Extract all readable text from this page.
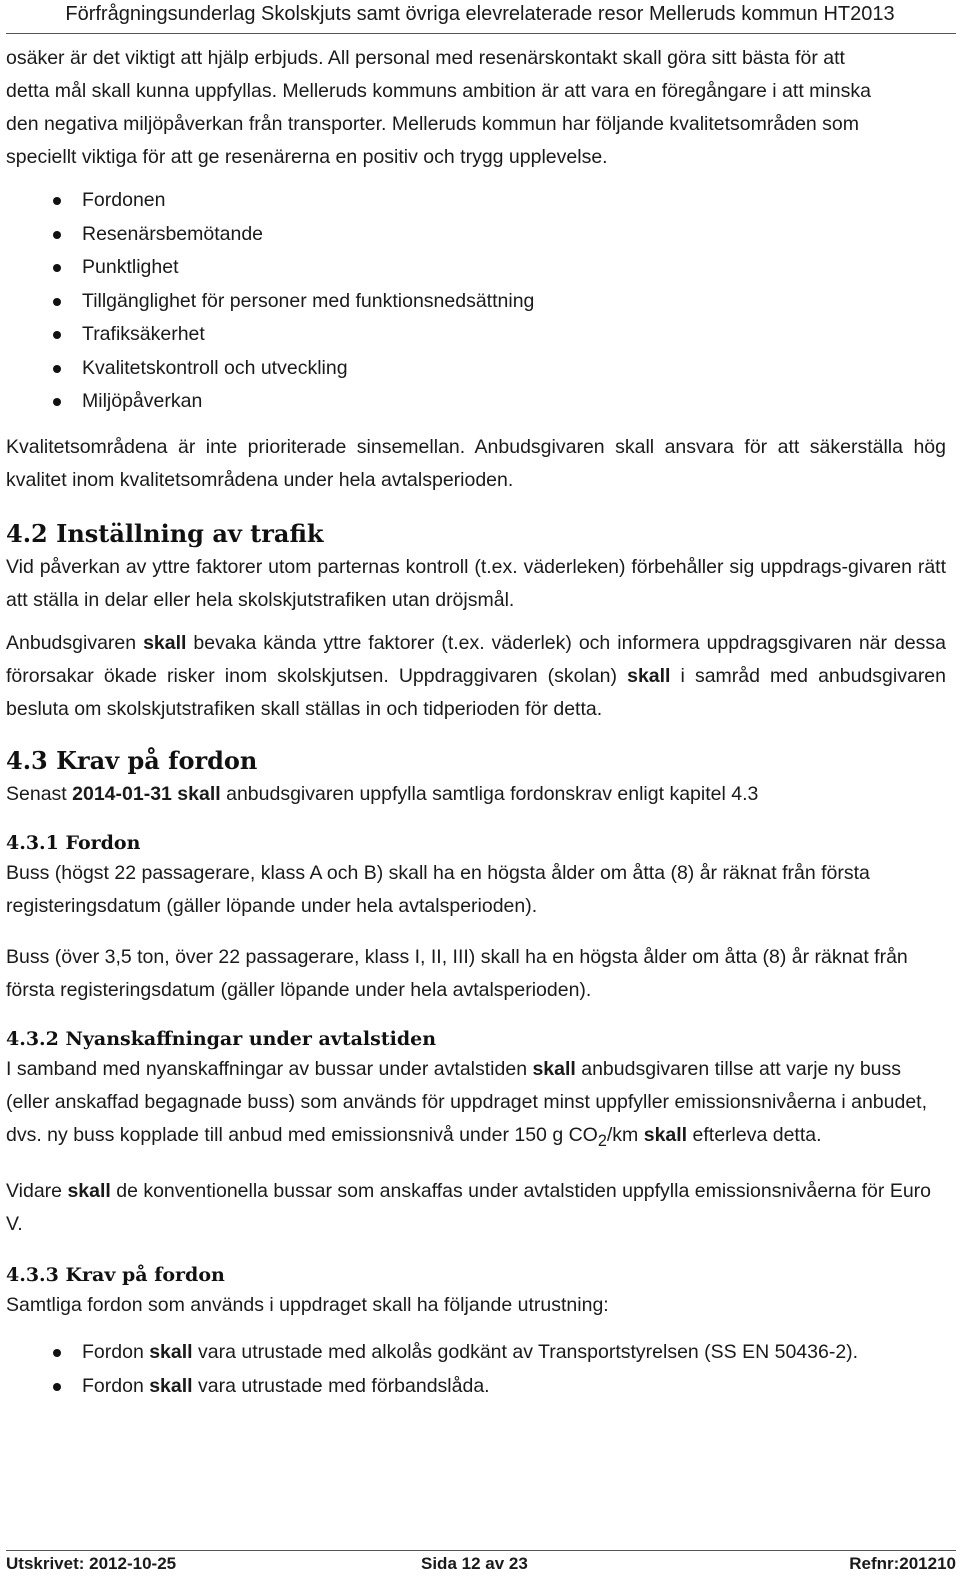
Förfrågningsunderlag Skolskjuts samt övriga elevrelaterade resor Melleruds kommun HT2013

osäker är det viktigt att hjälp erbjuds. All personal med resenärskontakt skall göra sitt bästa för att

detta mål skall kunna uppfyllas. Melleruds kommuns ambition är att vara en föregångare i att minska

den negativa miljöpåverkan från transporter. Melleruds kommun har följande kvalitetsområden som

speciellt viktiga för att ge resenärerna en positiv och trygg upplevelse.

Fordonen
Resenärsbemötande
Punktlighet
Tillgänglighet för personer med funktionsnedsättning
Trafiksäkerhet
Kvalitetskontroll och utveckling
Miljöpåverkan

Kvalitetsområdena är inte prioriterade sinsemellan. Anbudsgivaren skall ansvara för att säkerställa hög kvalitet inom kvalitetsområdena under hela avtalsperioden.

4.2 Inställning av trafik

Vid påverkan av yttre faktorer utom parternas kontroll (t.ex. väderleken) förbehåller sig uppdrags-givaren rätt att ställa in delar eller hela skolskjutstrafiken utan dröjsmål.

Anbudsgivaren skall bevaka kända yttre faktorer (t.ex. väderlek) och informera uppdragsgivaren när dessa förorsakar ökade risker inom skolskjutsen. Uppdraggivaren (skolan) skall i samråd med anbudsgivaren besluta om skolskjutstrafiken skall ställas in och tidperioden för detta.

4.3 Krav på fordon

Senast 2014-01-31 skall anbudsgivaren uppfylla samtliga fordonskrav enligt kapitel 4.3

4.3.1 Fordon

Buss (högst 22 passagerare, klass A och B) skall ha en högsta ålder om åtta (8) år räknat från första registeringsdatum (gäller löpande under hela avtalsperioden).

Buss (över 3,5 ton, över 22 passagerare, klass I, II, III) skall ha en högsta ålder om åtta (8) år räknat från första registeringsdatum (gäller löpande under hela avtalsperioden).

4.3.2 Nyanskaffningar under avtalstiden

I samband med nyanskaffningar av bussar under avtalstiden skall anbudsgivaren tillse att varje ny buss (eller anskaffad begagnade buss) som används för uppdraget minst uppfyller emissionsnivåerna i anbudet, dvs. ny buss kopplade till anbud med emissionsnivå under 150 g $CO_2/km$ skall efterleva detta.

Vidare skall de konventionella bussar som anskaffas under avtalstiden uppfylla emissionsnivåerna för Euro V.

4.3.3 Krav på fordon

Samtliga fordon som används i uppdraget skall ha följande utrustning:

Fordon skall vara utrustade med alkolås godkänt av Transportstyrelsen (SS EN 50436-2).
Fordon skall vara utrustade med förbandslåda.
Utskrivet: 2012-10-25	Sida 12 av 23	Refnr:201210
